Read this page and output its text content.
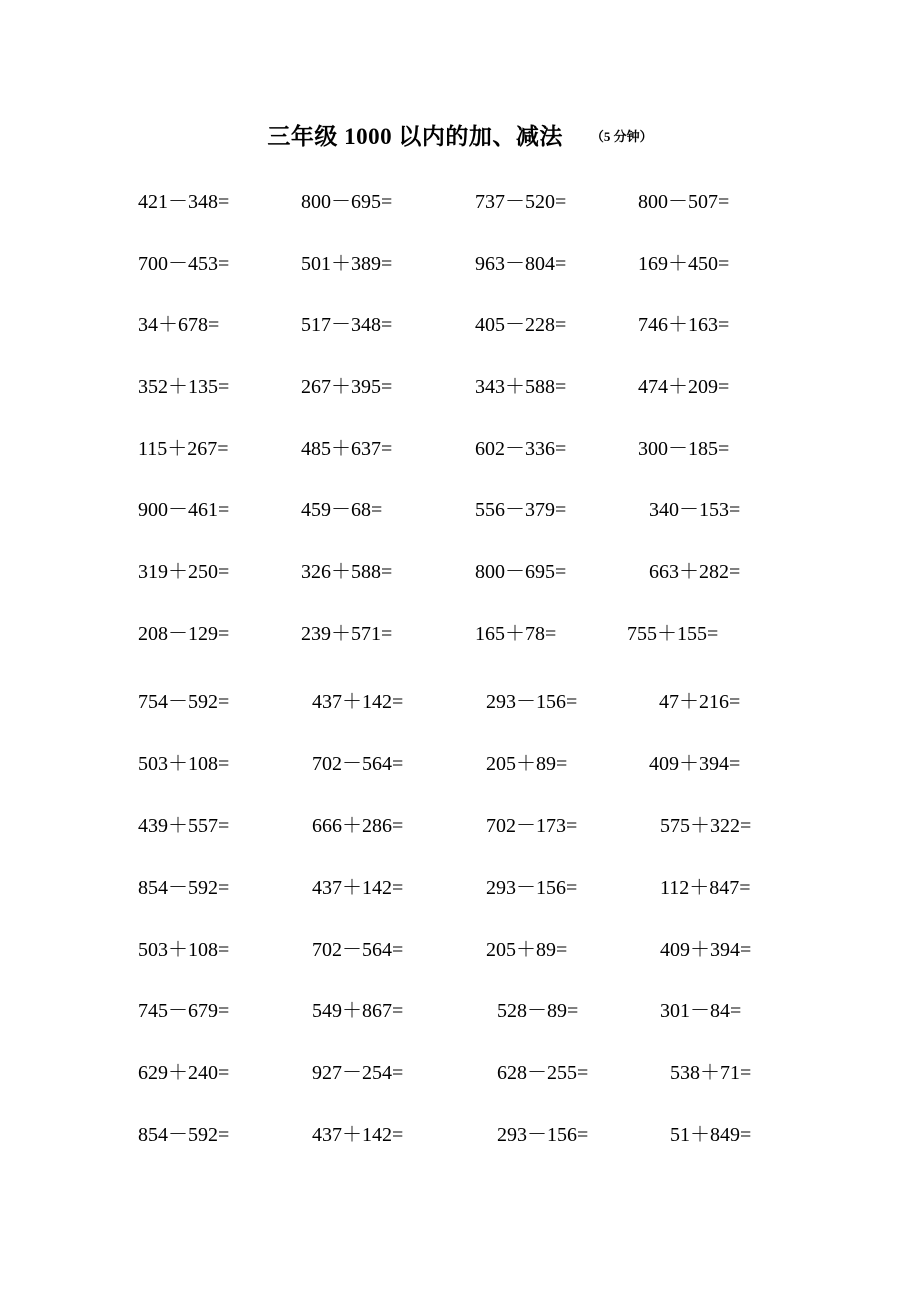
三年级 1000 以内的加、减法 （5 分钟）
421－348=	800－695=	737－520=	800－507=
700－453=	501＋389=	963－804=	169＋450=
34＋678=	517－348=	405－228=	746＋163=
352＋135=	267＋395=	343＋588=	474＋209=
115＋267=	485＋637=	602－336=	300－185=
900－461=	459－68=	556－379=	340－153=
319＋250=	326＋588=	800－695=	663＋282=
208－129=	239＋571=	165＋78=	755＋155=
754－592=	437＋142=	293－156=	47＋216=
503＋108=	702－564=	205＋89=	409＋394=
439＋557=	666＋286=	702－173=	575＋322=
854－592=	437＋142=	293－156=	112＋847=
503＋108=	702－564=	205＋89=	409＋394=
745－679=	549＋867=	528－89=	301－84=
629＋240=	927－254=	628－255=	538＋71=
854－592=	437＋142=	293－156=	51＋849=
